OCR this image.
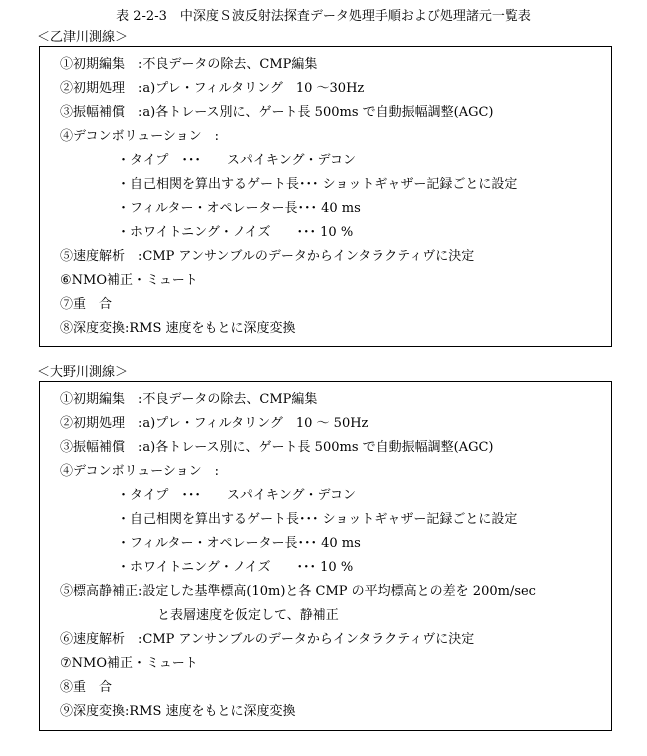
表 2-2-3　中深度Ｓ波反射法探査データ処理手順および処理諸元一覧表
＜乙津川測線＞
①初期編集　:不良データの除去、CMP編集
②初期処理　:a)プレ・フィルタリング　10 ～30Hz
③振幅補償　:a)各トレース別に、ゲート長 500ms で自動振幅調整(AGC)
④デコンボリューション　:
・タイプ　･･･　　スパイキング・デコン
・自己相関を算出するゲート長･･･ ショットギャザー記録ごとに設定
・フィルター・オペレーター長･･･ 40 ms
・ホワイトニング・ノイズ　　･･･ 10 %
⑤速度解析　:CMP アンサンブルのデータからインタラクティヴに決定
⑥NMO補正・ミュート
⑦重　合
⑧深度変換:RMS 速度をもとに深度変換
＜大野川測線＞
①初期編集　:不良データの除去、CMP編集
②初期処理　:a)プレ・フィルタリング　10 ～ 50Hz
③振幅補償　:a)各トレース別に、ゲート長 500ms で自動振幅調整(AGC)
④デコンボリューション　:
・タイプ　･･･　　スパイキング・デコン
・自己相関を算出するゲート長･･･ ショットギャザー記録ごとに設定
・フィルター・オペレーター長･･･ 40 ms
・ホワイトニング・ノイズ　　･･･ 10 %
⑤標高静補正:設定した基準標高(10m)と各 CMP の平均標高との差を 200m/sec
と表層速度を仮定して、静補正
⑥速度解析　:CMP アンサンブルのデータからインタラクティヴに決定
⑦NMO補正・ミュート
⑧重　合
⑨深度変換:RMS 速度をもとに深度変換
